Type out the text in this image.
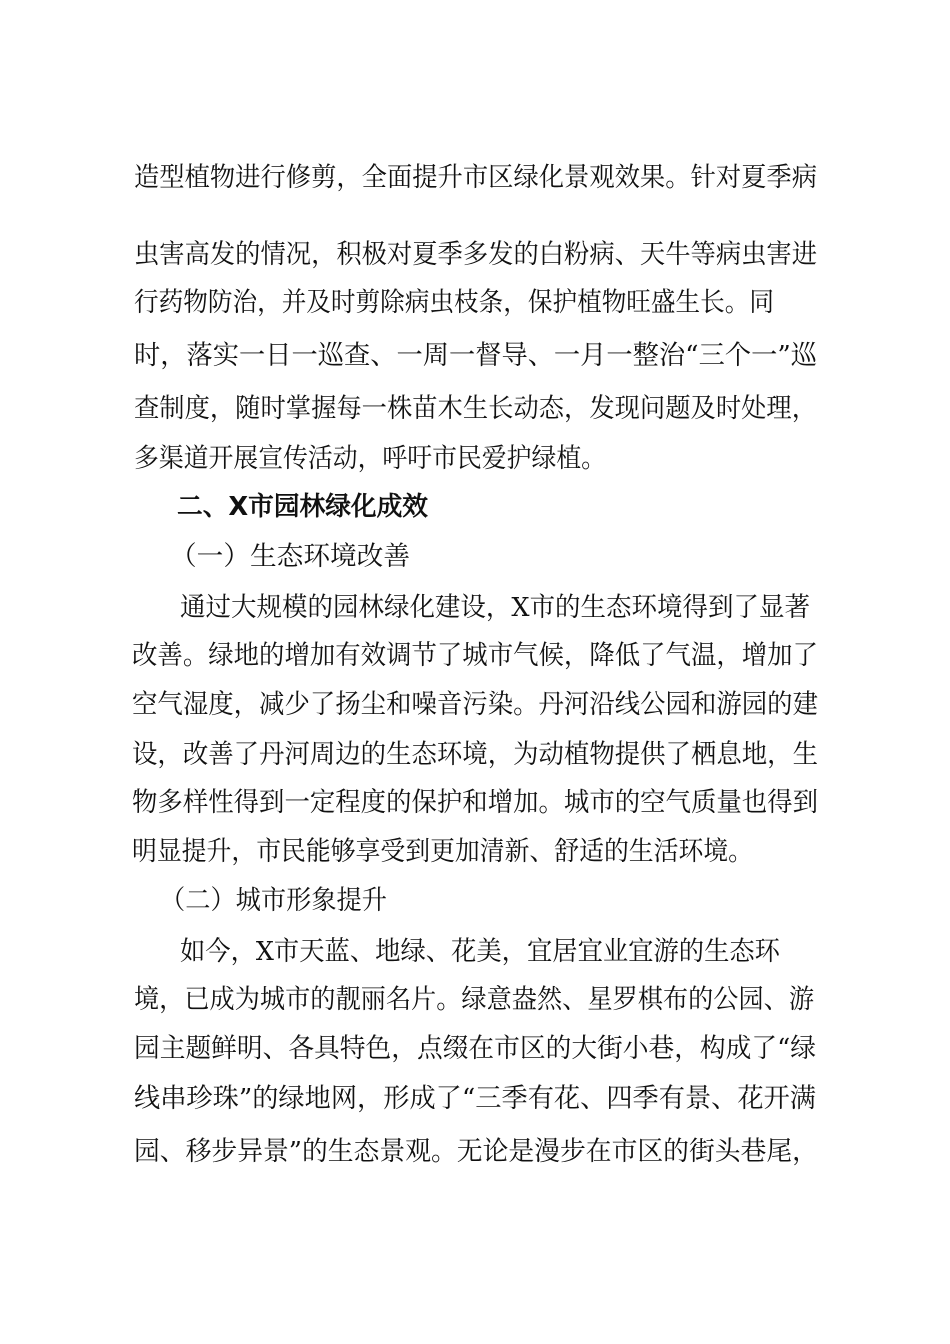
造型植物进行修剪，全面提升市区绿化景观效果。针对夏季病
虫害高发的情况，积极对夏季多发的白粉病、天牛等病虫害进
行药物防治，并及时剪除病虫枝条，保护植物旺盛生长。同
时，落实一日一巡查、一周一督导、一月一整治“三个一”巡
查制度，随时掌握每一株苗木生长动态，发现问题及时处理，
多渠道开展宣传活动，呼吁市民爱护绿植。
二、X市园林绿化成效
（一）生态环境改善
通过大规模的园林绿化建设，X市的生态环境得到了显著
改善。绿地的增加有效调节了城市气候，降低了气温，增加了
空气湿度，减少了扬尘和噪音污染。丹河沿线公园和游园的建
设，改善了丹河周边的生态环境，为动植物提供了栖息地，生
物多样性得到一定程度的保护和增加。城市的空气质量也得到
明显提升，市民能够享受到更加清新、舒适的生活环境。
（二）城市形象提升
如今，X市天蓝、地绿、花美，宜居宜业宜游的生态环
境，已成为城市的靓丽名片。绿意盎然、星罗棋布的公园、游
园主题鲜明、各具特色，点缀在市区的大街小巷，构成了“绿
线串珍珠”的绿地网，形成了“三季有花、四季有景、花开满
园、移步异景”的生态景观。无论是漫步在市区的街头巷尾，
